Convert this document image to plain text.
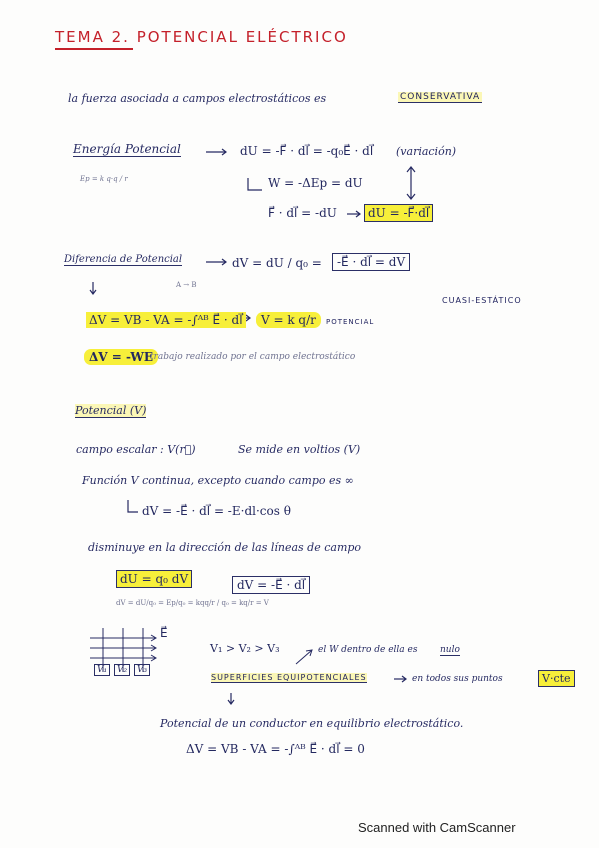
TEMA 2. POTENCIAL ELÉCTRICO
la fuerza asociada a campos electrostáticos es	CONSERVATIVA
Energía Potencial	dU = -F⃗ · dl⃗ = -q₀E⃗ · dl⃗ (variación)
Ep = k q·q / r	W = -ΔEp = dU
F⃗ · dl⃗ = -dU	dU = -F⃗·dl⃗
Diferencia de Potencial	dV = dU / q₀ =	-E⃗ · dl⃗ = dV
A → B
ΔV = VB - VA = -∫ᴬᴮ E⃗ · dl⃗	V = k q/r	POTENCIAL
CUASI-ESTÁTICO
ΔV = -WE
trabajo realizado por el campo electrostático
Potencial (V)
campo escalar : V(r⃗)	Se mide en voltios (V)
Función V continua, excepto cuando campo es ∞
dV = -E⃗ · dl⃗ = -E·dl·cos θ
disminuye en la dirección de las líneas de campo
dU = q₀ dV	dV = -E⃗ · dl⃗
dV = dU/q₀ = Ep/q₀ = kqq/r / q₀ = kq/r = V
V₁	V₂	V₃
E⃗
V₁ > V₂ > V₃	el W dentro de ella es	nulo
SUPERFICIES EQUIPOTENCIALES	en todos sus puntos	V·cte
Potencial de un conductor en equilibrio electrostático.
ΔV = VB - VA = -∫ᴬᴮ E⃗ · dl⃗ = 0
Scanned with CamScanner
